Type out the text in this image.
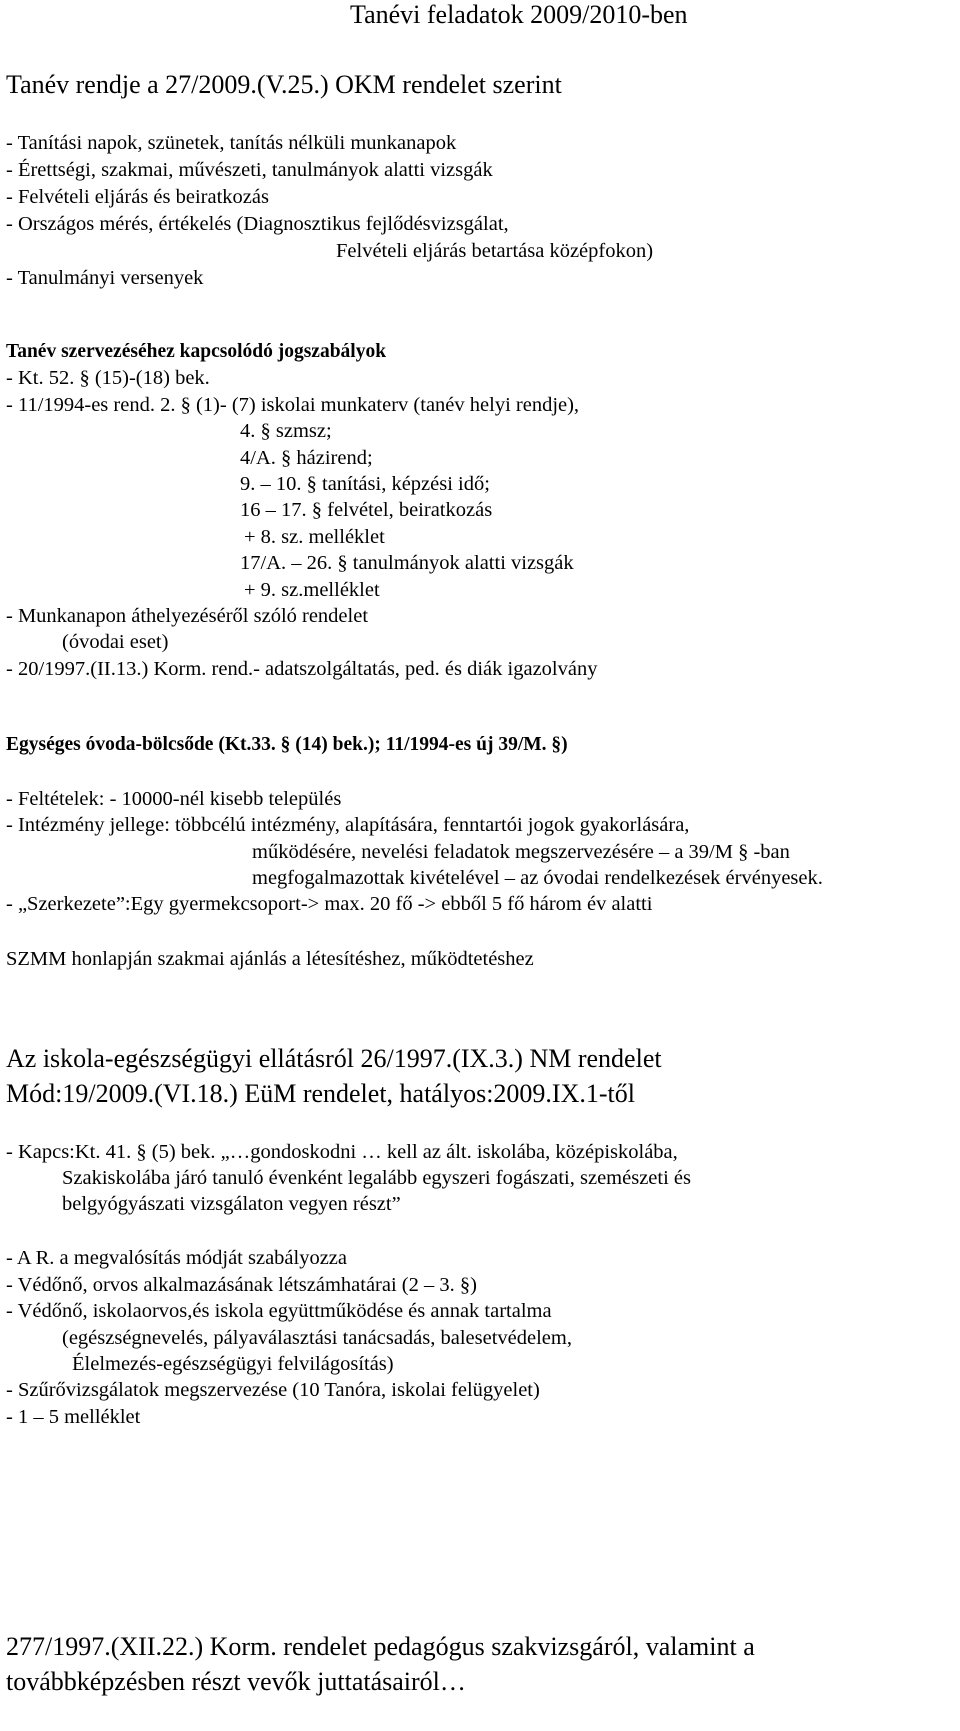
Tanévi feladatok 2009/2010-ben
Tanév rendje a 27/2009.(V.25.) OKM rendelet szerint
- Tanítási napok, szünetek, tanítás nélküli munkanapok
- Érettségi, szakmai, művészeti, tanulmányok alatti vizsgák
- Felvételi eljárás és beiratkozás
- Országos mérés, értékelés (Diagnosztikus fejlődésvizsgálat,
Felvételi eljárás betartása középfokon)
- Tanulmányi versenyek
Tanév szervezéséhez kapcsolódó jogszabályok
- Kt. 52. § (15)-(18) bek.
- 11/1994-es rend. 2. § (1)- (7) iskolai munkaterv (tanév helyi rendje),
4. § szmsz;
4/A. § házirend;
9. – 10. § tanítási, képzési idő;
16 – 17. § felvétel, beiratkozás
+ 8. sz. melléklet
17/A. – 26. § tanulmányok alatti vizsgák
+ 9. sz.melléklet
- Munkanapon áthelyezéséről szóló rendelet
(óvodai eset)
- 20/1997.(II.13.) Korm. rend.- adatszolgáltatás, ped. és diák igazolvány
Egységes óvoda-bölcsőde (Kt.33. § (14) bek.); 11/1994-es új 39/M. §)
- Feltételek: - 10000-nél kisebb település
- Intézmény jellege: többcélú intézmény, alapítására, fenntartói jogok gyakorlására,
működésére, nevelési feladatok megszervezésére – a 39/M § -ban
megfogalmazottak kivételével – az óvodai rendelkezések érvényesek.
- „Szerkezete”:Egy gyermekcsoport-> max. 20 fő -> ebből 5 fő három év alatti
SZMM honlapján szakmai ajánlás a létesítéshez, működtetéshez
Az iskola-egészségügyi ellátásról 26/1997.(IX.3.) NM rendelet
Mód:19/2009.(VI.18.) EüM rendelet, hatályos:2009.IX.1-től
- Kapcs:Kt. 41. § (5) bek. „…gondoskodni … kell az ált. iskolába, középiskolába,
Szakiskolába járó tanuló évenként legalább egyszeri fogászati, szemészeti és
belgyógyászati vizsgálaton vegyen részt”
- A R. a megvalósítás módját szabályozza
- Védőnő, orvos alkalmazásának létszámhatárai (2 – 3. §)
- Védőnő, iskolaorvos,és iskola együttműködése és annak tartalma
(egészségnevelés, pályaválasztási tanácsadás, balesetvédelem,
Élelmezés-egészségügyi felvilágosítás)
- Szűrővizsgálatok megszervezése (10 Tanóra, iskolai felügyelet)
- 1 – 5 melléklet
277/1997.(XII.22.) Korm. rendelet pedagógus szakvizsgáról, valamint a
továbbképzésben részt vevők juttatásairól…
